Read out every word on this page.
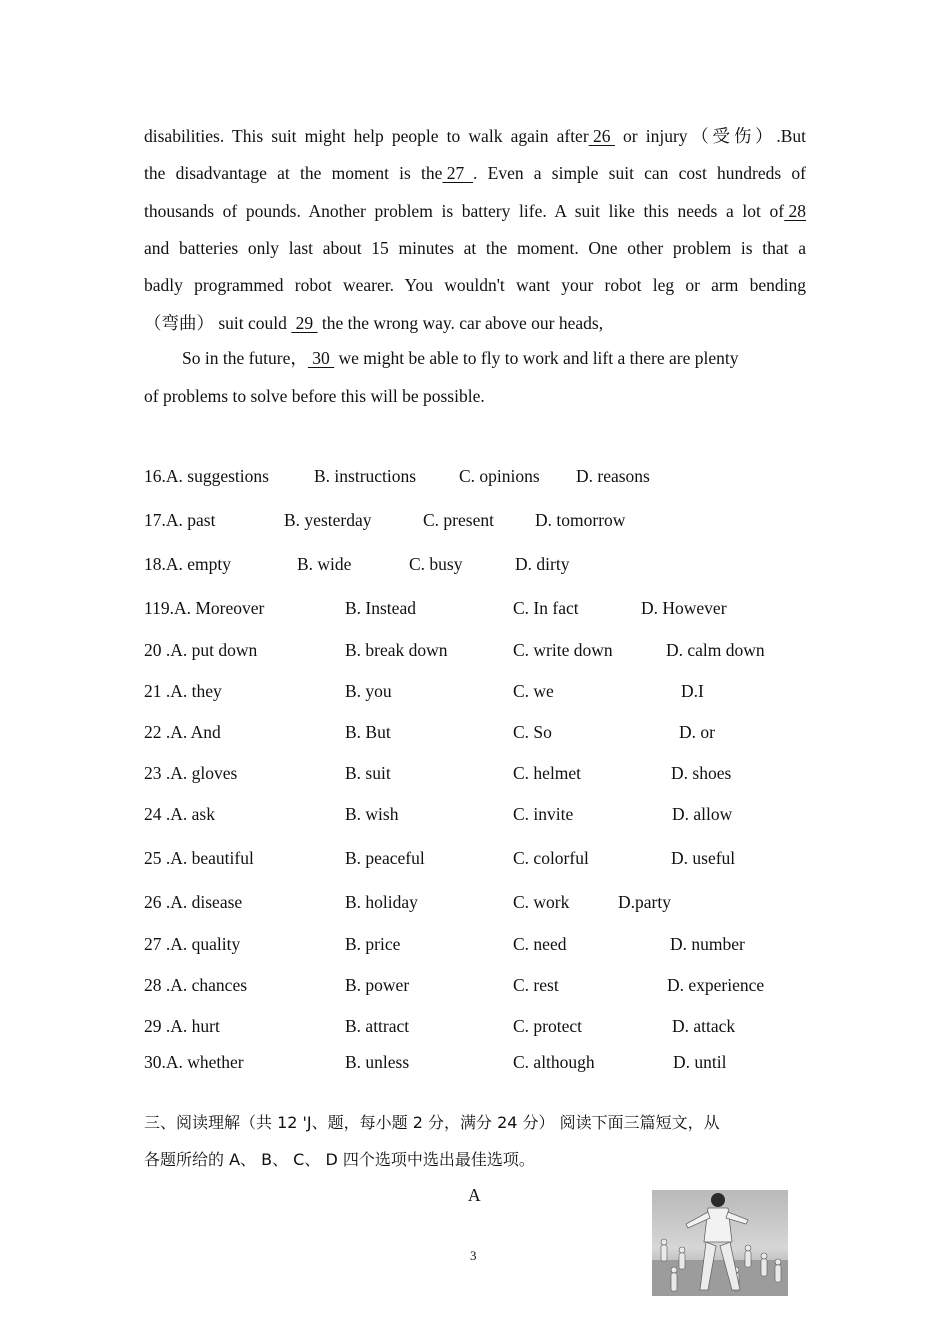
disabilities. This suit might help people to walk again after 26  or injury（受伤）.But
the disadvantage at the moment is the 27  . Even a simple suit can cost hundreds of
thousands of pounds. Another problem is battery life. A suit like this needs a lot of 28
and batteries only last about 15 minutes at the moment. One other problem is that a
badly programmed robot wearer. You wouldn't want your robot leg or arm bending
（弯曲） suit could  29  the the wrong way. car above our heads,
So in the future， 30  we might be able to fly to work and lift a there are plenty
of problems to solve before this will be possible.
16.A. suggestions	B. instructions C. opinions D. reasons
17.A. past	B. yesterday	C. present D. tomorrow
18.A. empty	B. wide	C. busy	D. dirty
119.A. Moreover	B. Instead	C. In fact	D. However
20 .A. put down	B. break down	C. write down	D. calm down
21 .A. they	B. you	C. we	D.I
22 .A. And	B. But	C. So	D. or
23 .A. gloves	B. suit	C. helmet	D. shoes
24 .A. ask	B. wish	C. invite	D. allow
25 .A. beautiful	B. peaceful	C. colorful	D. useful
26 .A. disease	B. holiday	C. work	D.party
27 .A. quality	B. price	C. need	D. number
28 .A. chances	B. power	C. rest	D. experience
29 .A. hurt	B. attract	C. protect	D. attack
30.A. whether	B. unless	C. although	D. until
三、阅读理解（共 12 'J、题，每小题 2 分，满分 24 分） 阅读下面三篇短文，从
各题所给的 A、 B、 C、 D 四个选项中选出最佳选项。
A
3
